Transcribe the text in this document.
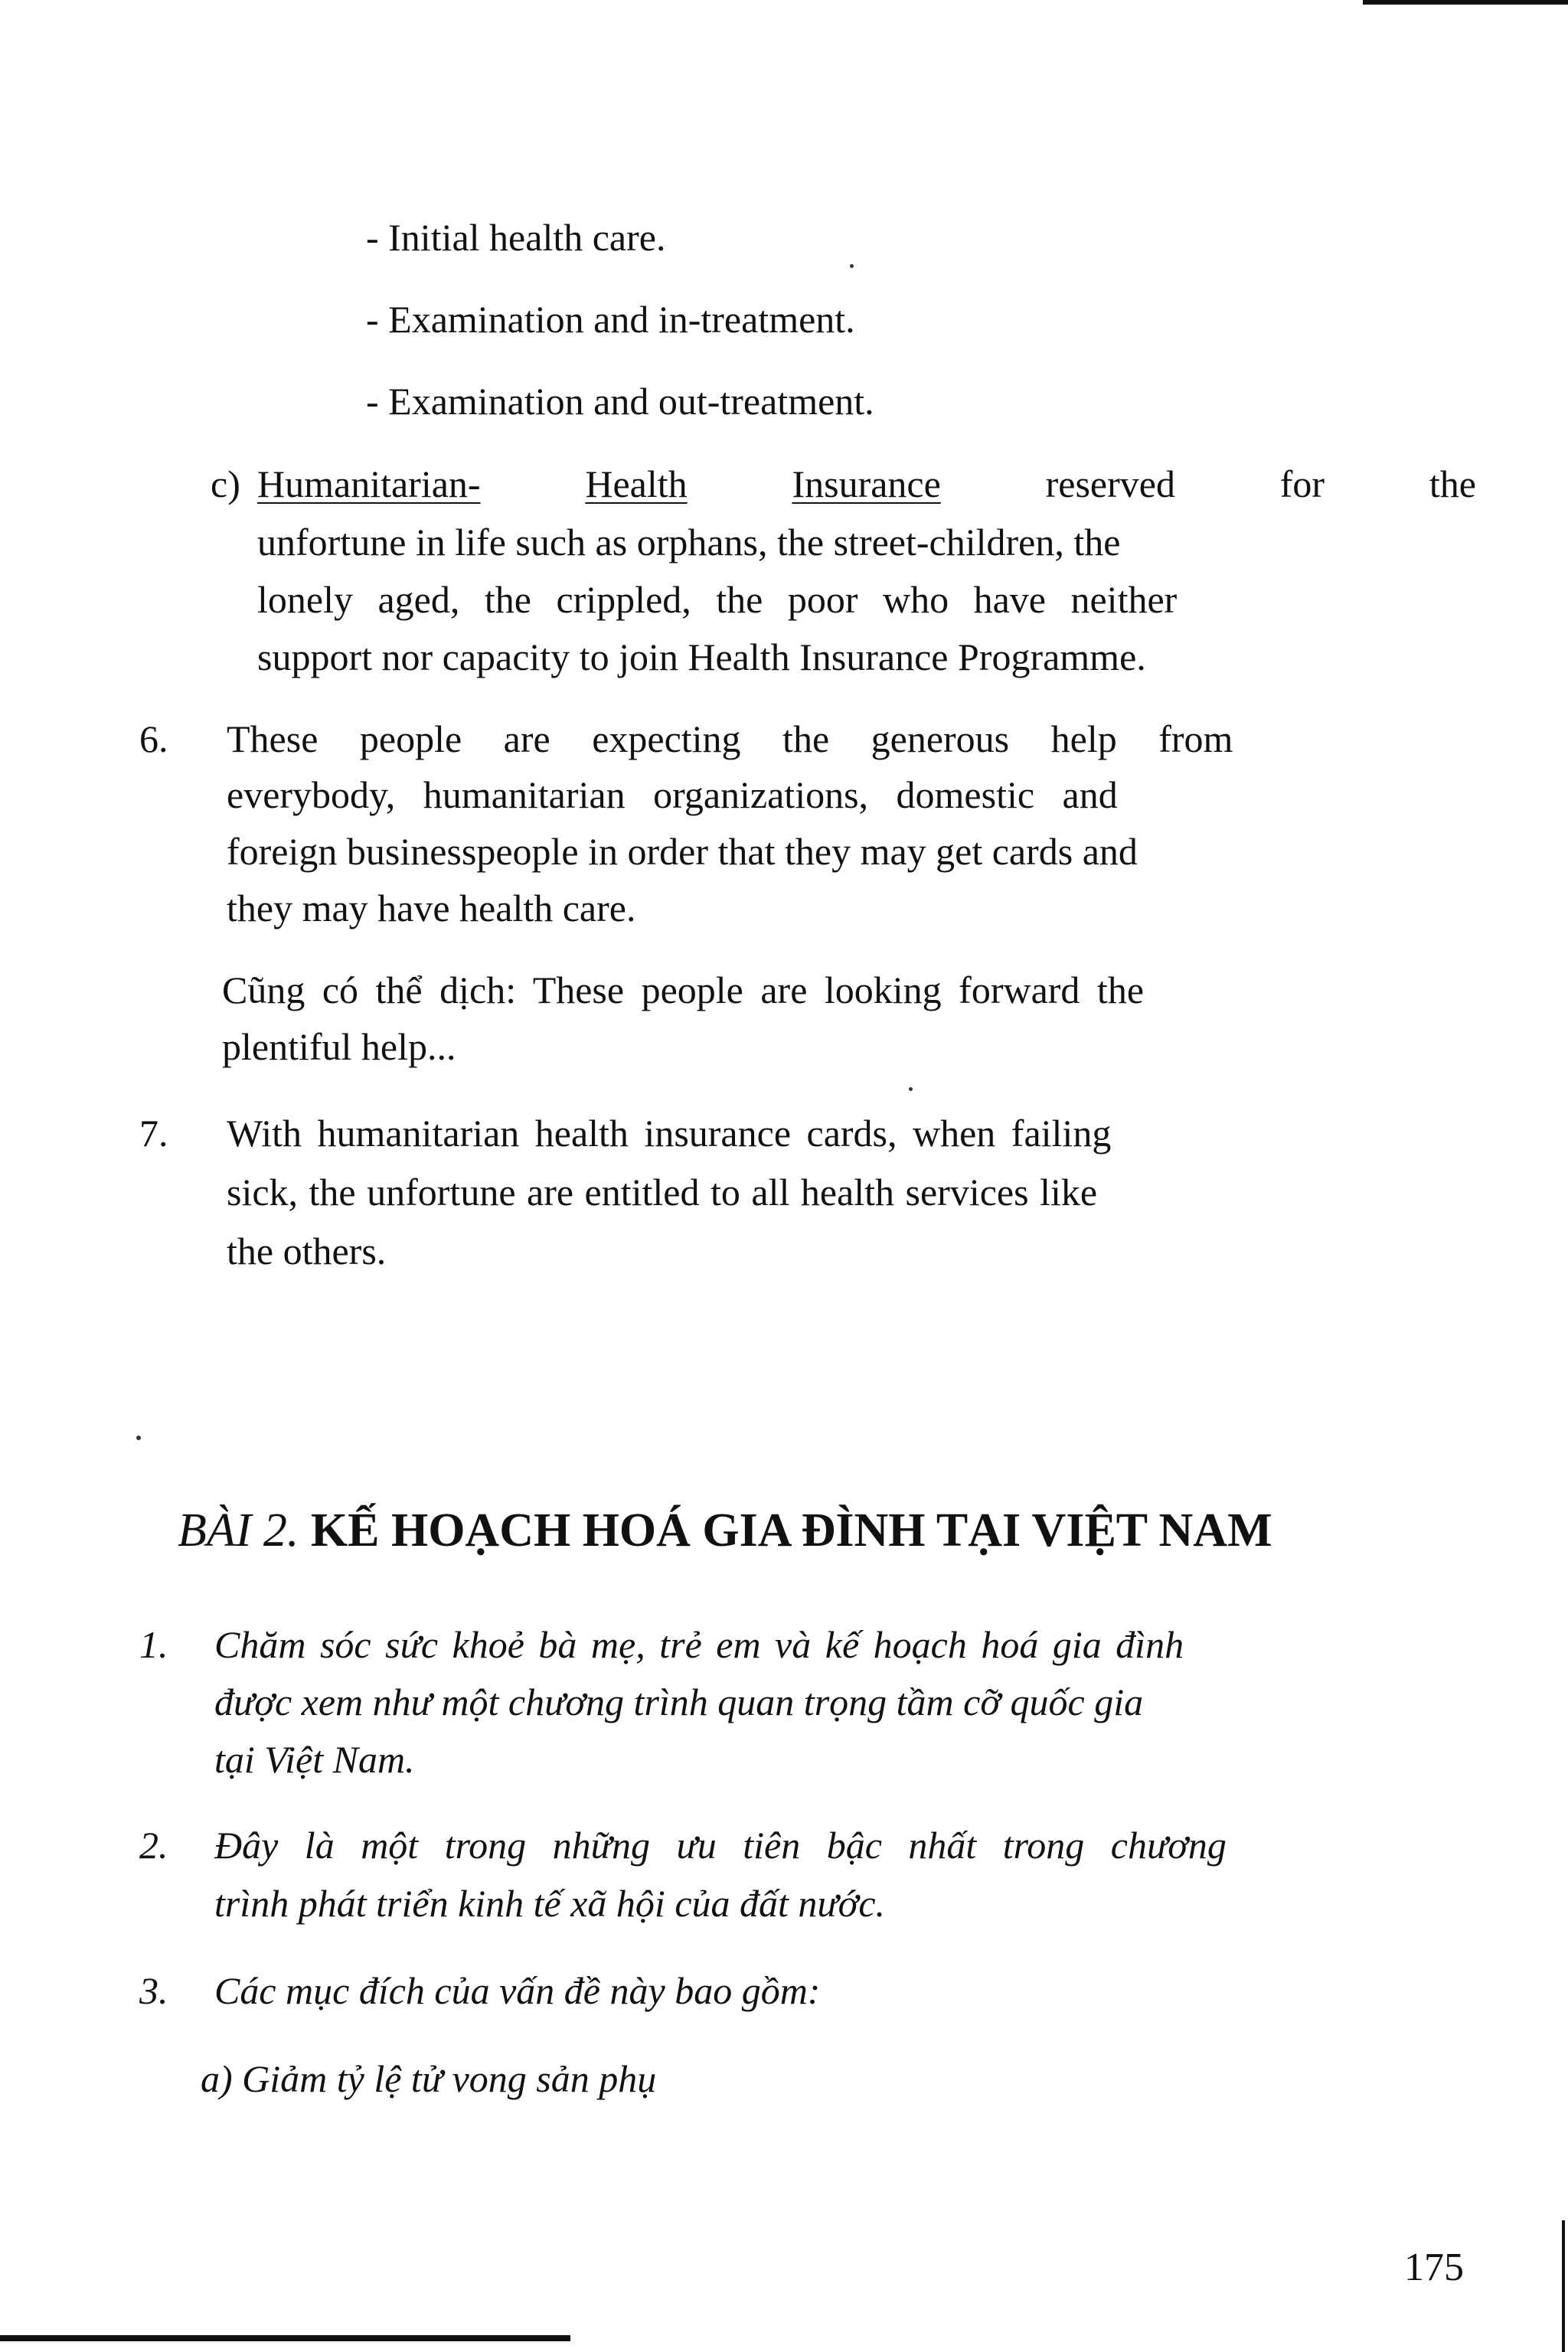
- Initial health care.
- Examination and in-treatment.
- Examination and out-treatment.
c) Humanitarian-	Health	Insurance	reserved	for	the
unfortune in life such as orphans, the street-children, the
lonely aged, the crippled, the poor who have neither
support nor capacity to join Health Insurance Programme.
6. These people are expecting the generous help from
everybody, humanitarian organizations, domestic and
foreign businesspeople in order that they may get cards and
they may have health care.
Cũng có thể dịch: These people are looking forward the
plentiful help...
7. With humanitarian health insurance cards, when failing
sick, the unfortune are entitled to all health services like
the others.
BÀI 2. KẾ HOẠCH HOÁ GIA ĐÌNH TẠI VIỆT NAM
1. Chăm sóc sức khoẻ bà mẹ, trẻ em và kế hoạch hoá gia đình
được xem như một chương trình quan trọng tầm cỡ quốc gia
tại Việt Nam.
2. Đây là một trong những ưu tiên bậc nhất trong chương
trình phát triển kinh tế xã hội của đất nước.
3. Các mục đích của vấn đề này bao gồm:
a) Giảm tỷ lệ tử vong sản phụ
175
